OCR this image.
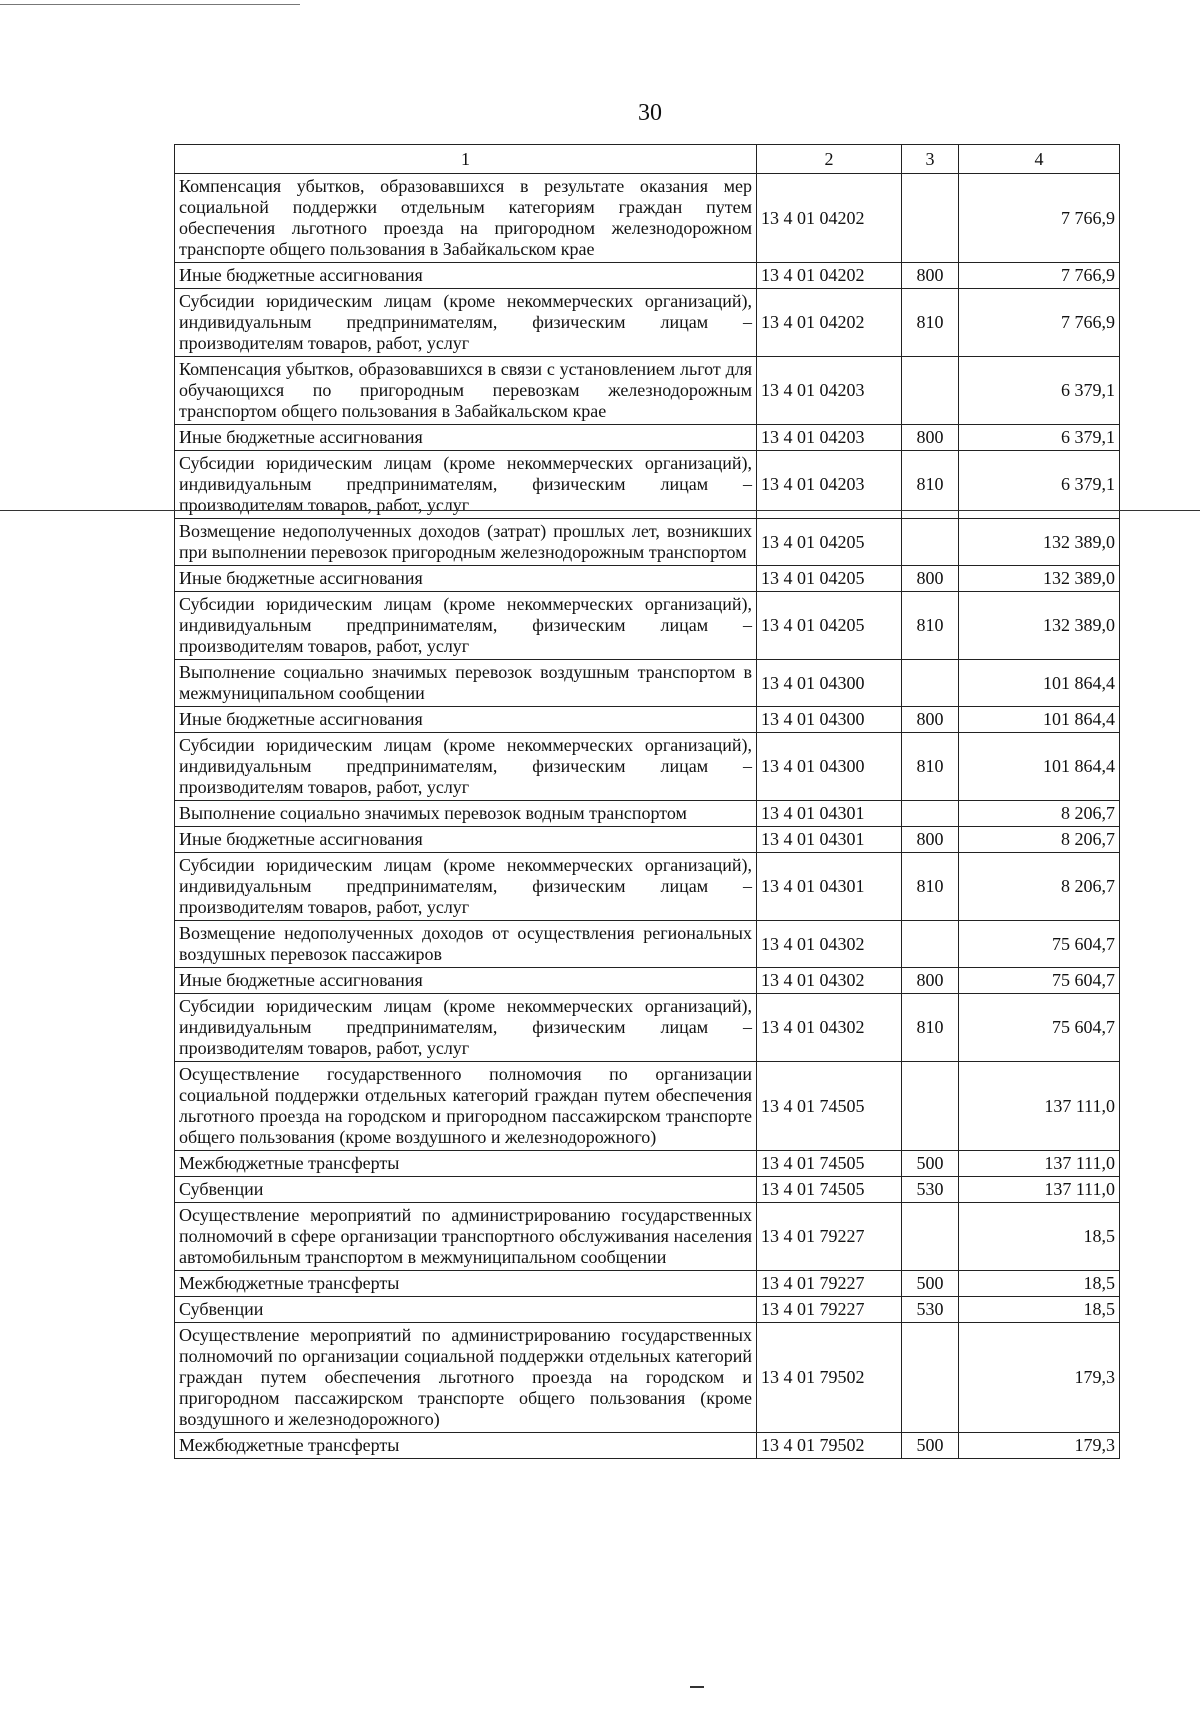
30
1	2	3	4
Компенсация убытков, образовавшихся в результате оказания мер социальной поддержки отдельным категориям граждан путем обеспечения льготного проезда на пригородном железнодорожном транспорте общего пользования в Забайкальском крае	13 4 01 04202		7 766,9
Иные бюджетные ассигнования	13 4 01 04202	800	7 766,9
Субсидии юридическим лицам (кроме некоммерческих организаций), индивидуальным предпринимателям, физическим лицам – производителям товаров, работ, услуг	13 4 01 04202	810	7 766,9
Компенсация убытков, образовавшихся в связи с установлением льгот для обучающихся по пригородным перевозкам железнодорожным транспортом общего пользования в Забайкальском крае	13 4 01 04203		6 379,1
Иные бюджетные ассигнования	13 4 01 04203	800	6 379,1
Субсидии юридическим лицам (кроме некоммерческих организаций), индивидуальным предпринимателям, физическим лицам – производителям товаров, работ, услуг	13 4 01 04203	810	6 379,1
Возмещение недополученных доходов (затрат) прошлых лет, возникших при выполнении перевозок пригородным железнодорожным транспортом	13 4 01 04205		132 389,0
Иные бюджетные ассигнования	13 4 01 04205	800	132 389,0
Субсидии юридическим лицам (кроме некоммерческих организаций), индивидуальным предпринимателям, физическим лицам – производителям товаров, работ, услуг	13 4 01 04205	810	132 389,0
Выполнение социально значимых перевозок воздушным транспортом в межмуниципальном сообщении	13 4 01 04300		101 864,4
Иные бюджетные ассигнования	13 4 01 04300	800	101 864,4
Субсидии юридическим лицам (кроме некоммерческих организаций), индивидуальным предпринимателям, физическим лицам – производителям товаров, работ, услуг	13 4 01 04300	810	101 864,4
Выполнение социально значимых перевозок водным транспортом	13 4 01 04301		8 206,7
Иные бюджетные ассигнования	13 4 01 04301	800	8 206,7
Субсидии юридическим лицам (кроме некоммерческих организаций), индивидуальным предпринимателям, физическим лицам – производителям товаров, работ, услуг	13 4 01 04301	810	8 206,7
Возмещение недополученных доходов от осуществления региональных воздушных перевозок пассажиров	13 4 01 04302		75 604,7
Иные бюджетные ассигнования	13 4 01 04302	800	75 604,7
Субсидии юридическим лицам (кроме некоммерческих организаций), индивидуальным предпринимателям, физическим лицам – производителям товаров, работ, услуг	13 4 01 04302	810	75 604,7
Осуществление государственного полномочия по организации социальной поддержки отдельных категорий граждан путем обеспечения льготного проезда на городском и пригородном пассажирском транспорте общего пользования (кроме воздушного и железнодорожного)	13 4 01 74505		137 111,0
Межбюджетные трансферты	13 4 01 74505	500	137 111,0
Субвенции	13 4 01 74505	530	137 111,0
Осуществление мероприятий по администрированию государственных полномочий в сфере организации транспортного обслуживания населения автомобильным транспортом в межмуниципальном сообщении	13 4 01 79227		18,5
Межбюджетные трансферты	13 4 01 79227	500	18,5
Субвенции	13 4 01 79227	530	18,5
Осуществление мероприятий по администрированию государственных полномочий по организации социальной поддержки отдельных категорий граждан путем обеспечения льготного проезда на городском и пригородном пассажирском транспорте общего пользования (кроме воздушного и железнодорожного)	13 4 01 79502		179,3
Межбюджетные трансферты	13 4 01 79502	500	179,3
